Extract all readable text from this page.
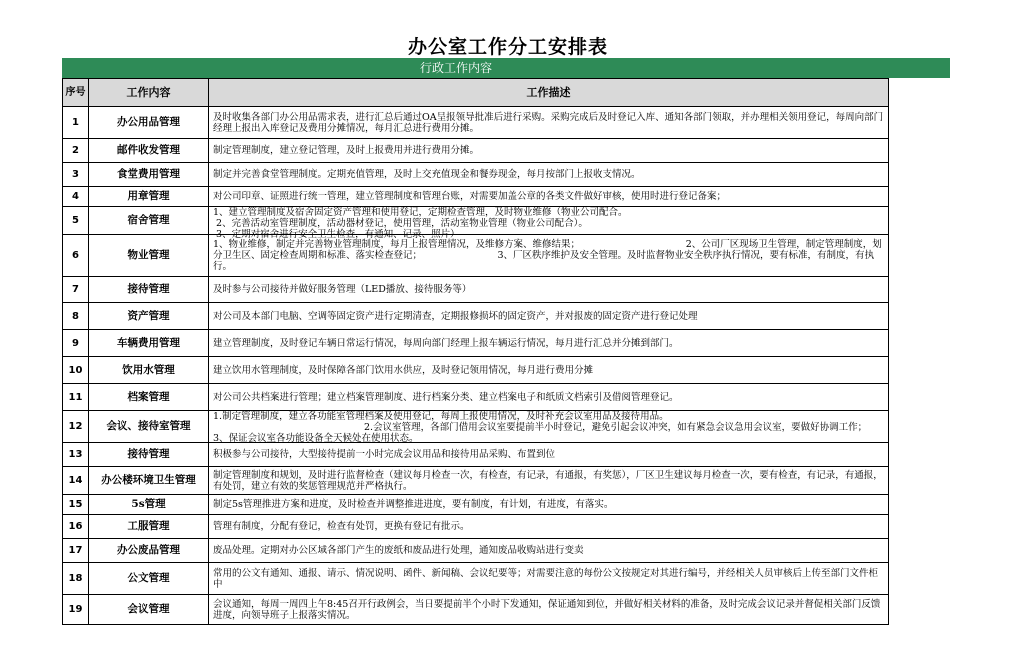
办公室工作分工安排表
行政工作内容
序号	工作内容	工作描述
1	办公用品管理	及时收集各部门办公用品需求表，进行汇总后通过OA呈报领导批准后进行采购。采购完成后及时登记入库、通知各部门领取，并办理相关领用登记，每周向部门经理上报出入库登记及费用分摊情况，每月汇总进行费用分摊。

2	邮件收发管理	制定管理制度，建立登记管理，及时上报费用并进行费用分摊。

3	食堂费用管理	制定并完善食堂管理制度。定期充值管理，及时上交充值现金和餐券现金，每月按部门上报收支情况。

4	用章管理	对公司印章、证照进行统一管理，建立管理制度和管理台账，对需要加盖公章的各类文件做好审核，使用时进行登记备案；

5	宿舍管理	1、建立管理制度及宿舍固定资产管理和使用登记，定期检查管理，及时物业维修（物业公司配合。
2、完善活动室管理制度，活动器材登记，使用管理，活动室物业管理（物业公司配合）。
3、定期对宿舍进行安全卫生检查，有通知、记录、照片）

6	物业管理	1、物业维修，制定并完善物业管理制度，每月上报管理情况，及维修方案、维修结果；                                   2、公司厂区现场卫生管理，制定管理制度，划分卫生区、固定检查周期和标准、落实检查登记；                         3、厂区秩序维护及安全管理。及时监督物业安全秩序执行情况，要有标准，有制度，有执行。

7	接待管理	及时参与公司接待并做好服务管理（LED播放、接待服务等）

8	资产管理	对公司及本部门电脑、空调等固定资产进行定期清查，定期报修损坏的固定资产，并对报废的固定资产进行登记处理

9	车辆费用管理	建立管理制度，及时登记车辆日常运行情况，每周向部门经理上报车辆运行情况，每月进行汇总并分摊到部门。

10	饮用水管理	建立饮用水管理制度，及时保障各部门饮用水供应，及时登记领用情况，每月进行费用分摊

11	档案管理	对公司公共档案进行管理；建立档案管理制度、进行档案分类、建立档案电子和纸质文档索引及借阅管理登记。

12	会议、接待室管理	1.制定管理制度，建立各功能室管理档案及使用登记，每周上报使用情况，及时补充会议室用品及接待用品。
2.会议室管理，各部门借用会议室要提前半小时登记，避免引起会议冲突，如有紧急会议急用会议室，要做好协调工作；         3、保证会议室各功能设备全天候处在使用状态。

13	接待管理	积极参与公司接待，大型接待提前一小时完成会议用品和接待用品采购、布置到位

14	办公楼环境卫生管理	制定管理制度和规划，及时进行监督检查（建议每月检查一次，有检查，有记录，有通报，有奖惩），厂区卫生建议每月检查一次，要有检查，有记录，有通报，有处罚，建立有效的奖惩管理规范并严格执行。

15	5s管理	制定5s管理推进方案和进度，及时检查并调整推进进度，要有制度，有计划，有进度，有落实。

16	工服管理	管理有制度，分配有登记，检查有处罚，更换有登记有批示。

17	办公废品管理	废品处理。定期对办公区域各部门产生的废纸和废品进行处理，通知废品收购站进行变卖

18	公文管理	常用的公文有通知、通报、请示、情况说明、函件、新闻稿、会议纪要等；对需要注意的每份公文按规定对其进行编号，并经相关人员审核后上传至部门文件柜中

19	会议管理	会议通知，每周一周四上午8:45召开行政例会，当日要提前半个小时下发通知，保证通知到位，并做好相关材料的准备，及时完成会议记录并督促相关部门反馈进度，向领导班子上报落实情况。
